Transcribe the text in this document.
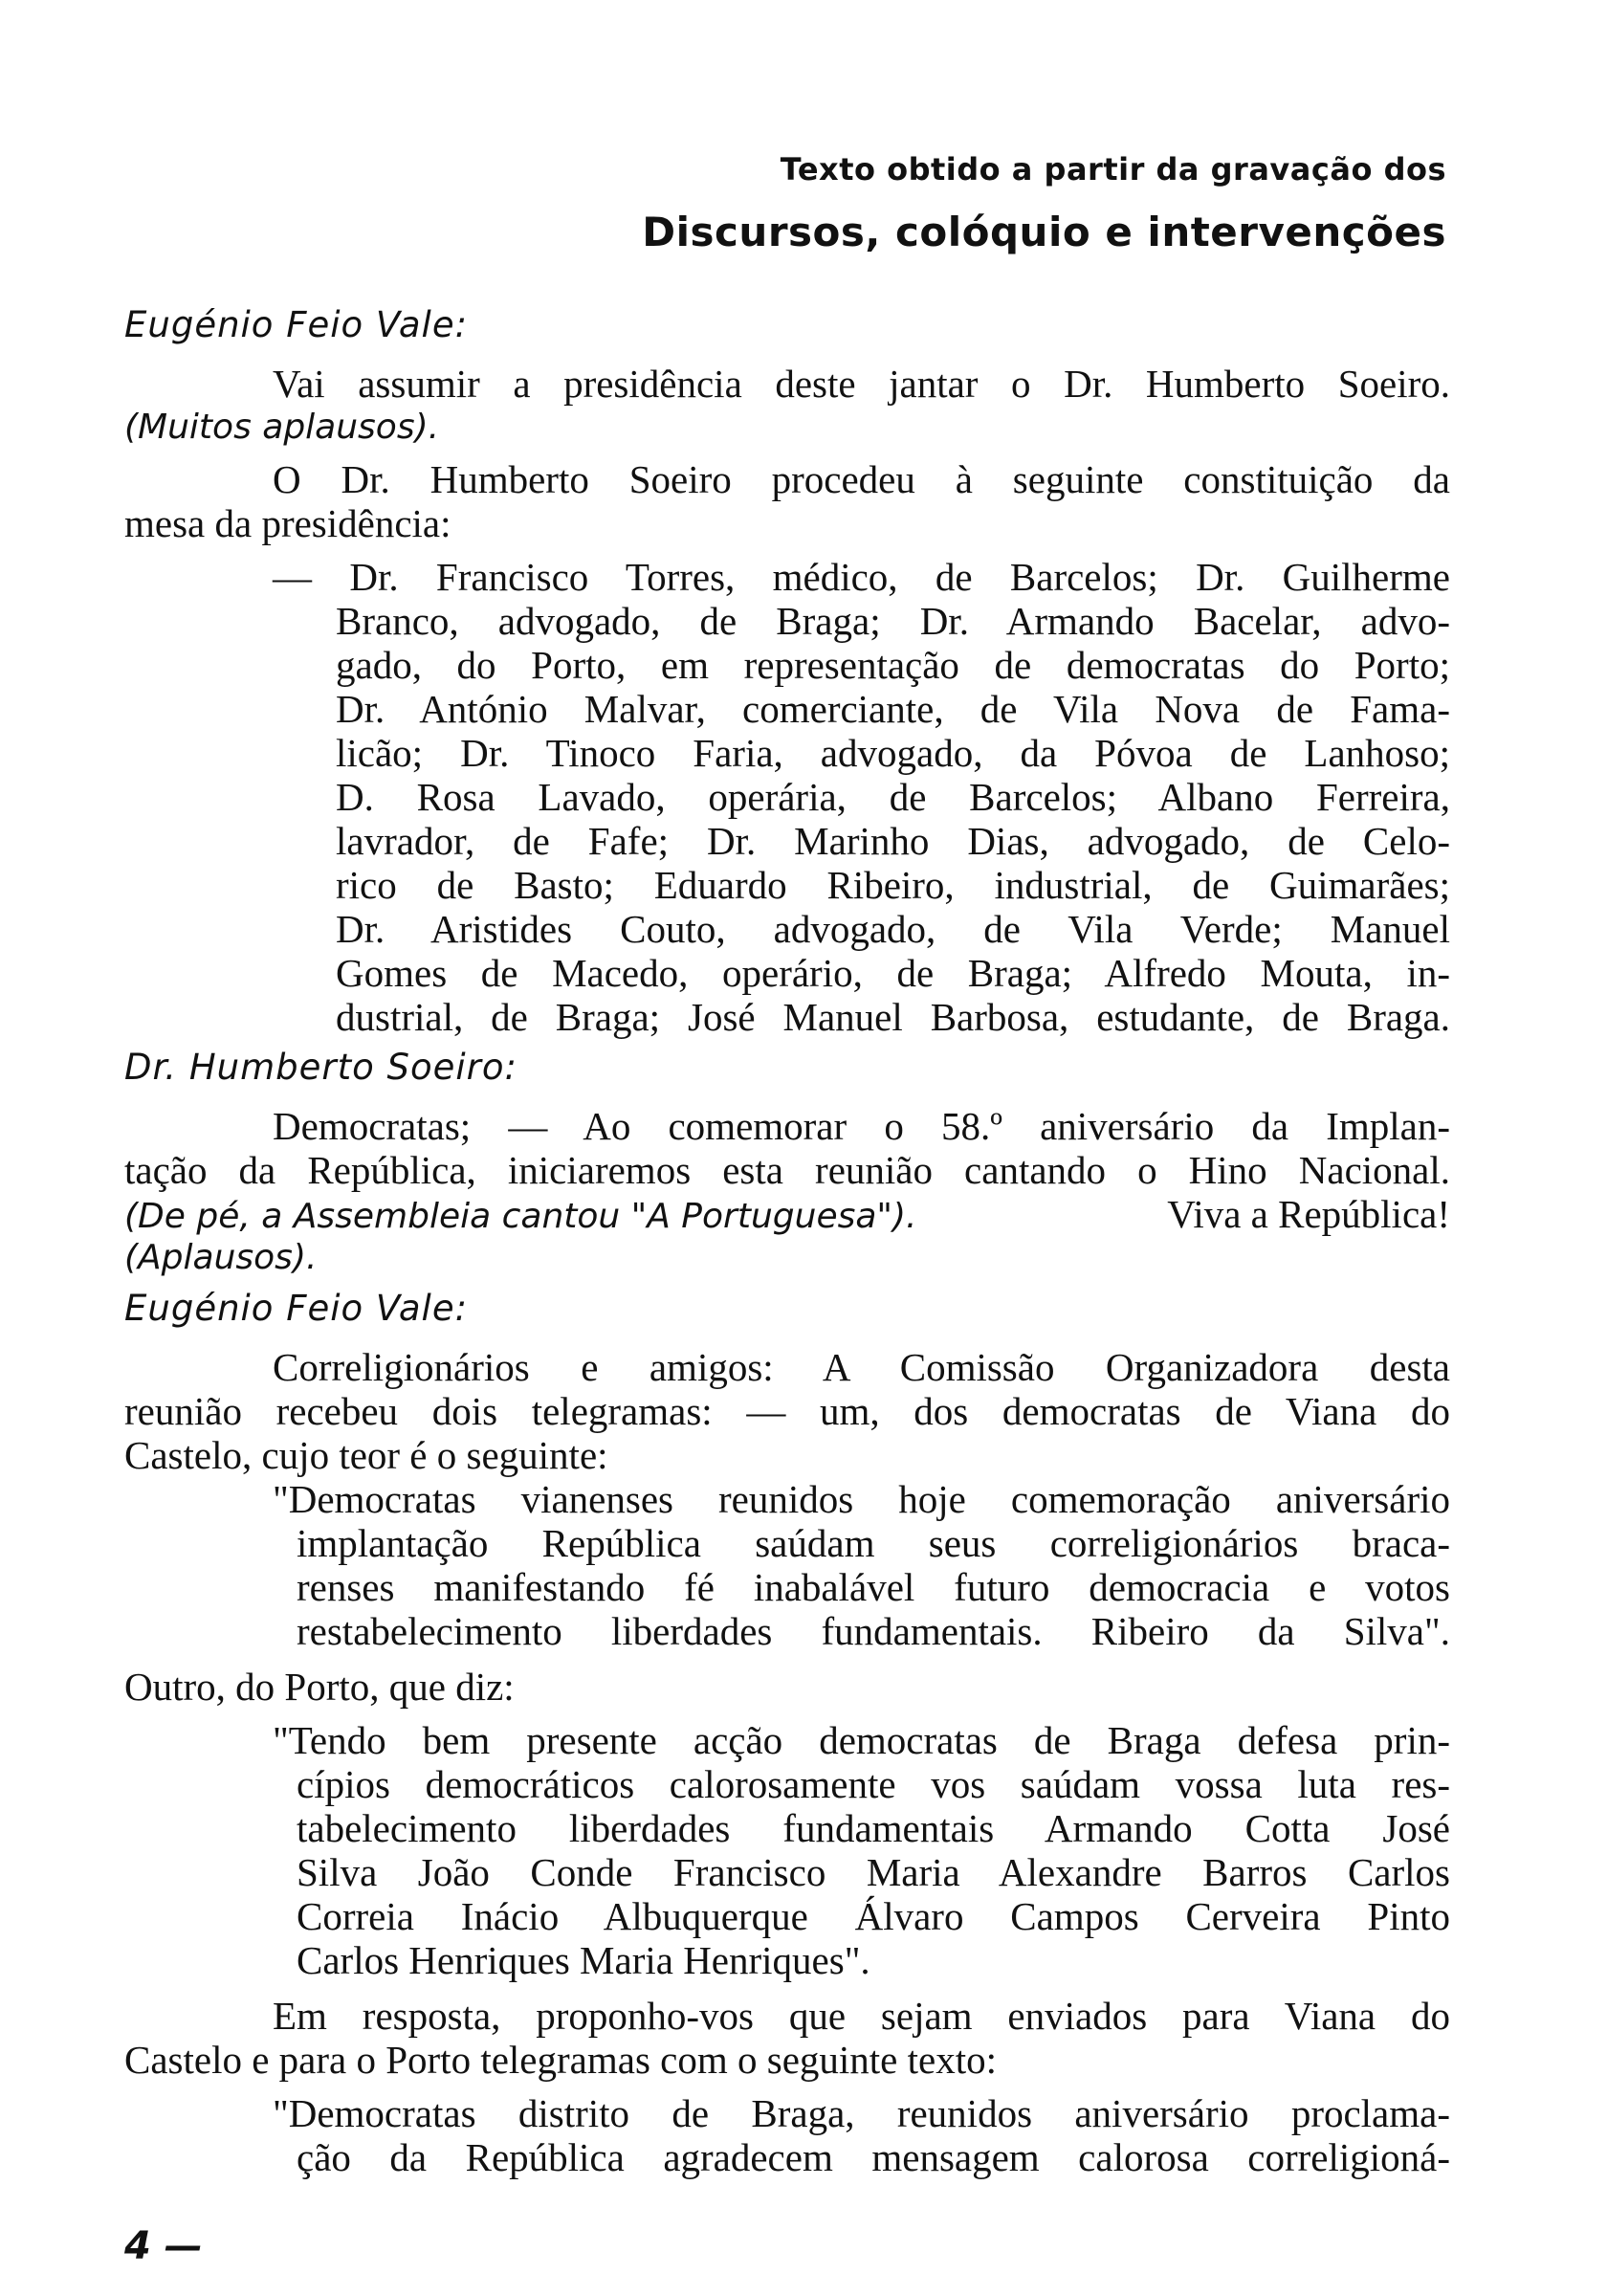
Texto obtido a partir da gravação dos
Discursos, colóquio e intervenções
Eugénio Feio Vale:
Vai assumir a presidência deste jantar o Dr. Humberto Soeiro.
(Muitos aplausos).
O Dr. Humberto Soeiro procedeu à seguinte constituição da
mesa da presidência:
— Dr. Francisco Torres, médico, de Barcelos; Dr. Guilherme
Branco, advogado, de Braga; Dr. Armando Bacelar, advo-
gado, do Porto, em representação de democratas do Porto;
Dr. António Malvar, comerciante, de Vila Nova de Fama-
licão; Dr. Tinoco Faria, advogado, da Póvoa de Lanhoso;
D. Rosa Lavado, operária, de Barcelos; Albano Ferreira,
lavrador, de Fafe; Dr. Marinho Dias, advogado, de Celo-
rico de Basto; Eduardo Ribeiro, industrial, de Guimarães;
Dr. Aristides Couto, advogado, de Vila Verde; Manuel
Gomes de Macedo, operário, de Braga; Alfredo Mouta, in-
dustrial, de Braga; José Manuel Barbosa, estudante, de Braga.
Dr. Humberto Soeiro:
Democratas; — Ao comemorar o 58.º aniversário da Implan-
tação da República, iniciaremos esta reunião cantando o Hino Nacional.
(De pé, a Assembleia cantou "A Portuguesa").	Viva a República!
(Aplausos).
Eugénio Feio Vale:
Correligionários e amigos: A Comissão Organizadora desta
reunião recebeu dois telegramas: — um, dos democratas de Viana do
Castelo, cujo teor é o seguinte:
"Democratas vianenses reunidos hoje comemoração aniversário
implantação República saúdam seus correligionários braca-
renses manifestando fé inabalável futuro democracia e votos
restabelecimento liberdades fundamentais. Ribeiro da Silva".
Outro, do Porto, que diz:
"Tendo bem presente acção democratas de Braga defesa prin-
cípios democráticos calorosamente vos saúdam vossa luta res-
tabelecimento liberdades fundamentais Armando Cotta José
Silva João Conde Francisco Maria Alexandre Barros Carlos
Correia Inácio Albuquerque Álvaro Campos Cerveira Pinto
Carlos Henriques Maria Henriques".
Em resposta, proponho-vos que sejam enviados para Viana do
Castelo e para o Porto telegramas com o seguinte texto:
"Democratas distrito de Braga, reunidos aniversário proclama-
ção da República agradecem mensagem calorosa correligioná-
4 —
